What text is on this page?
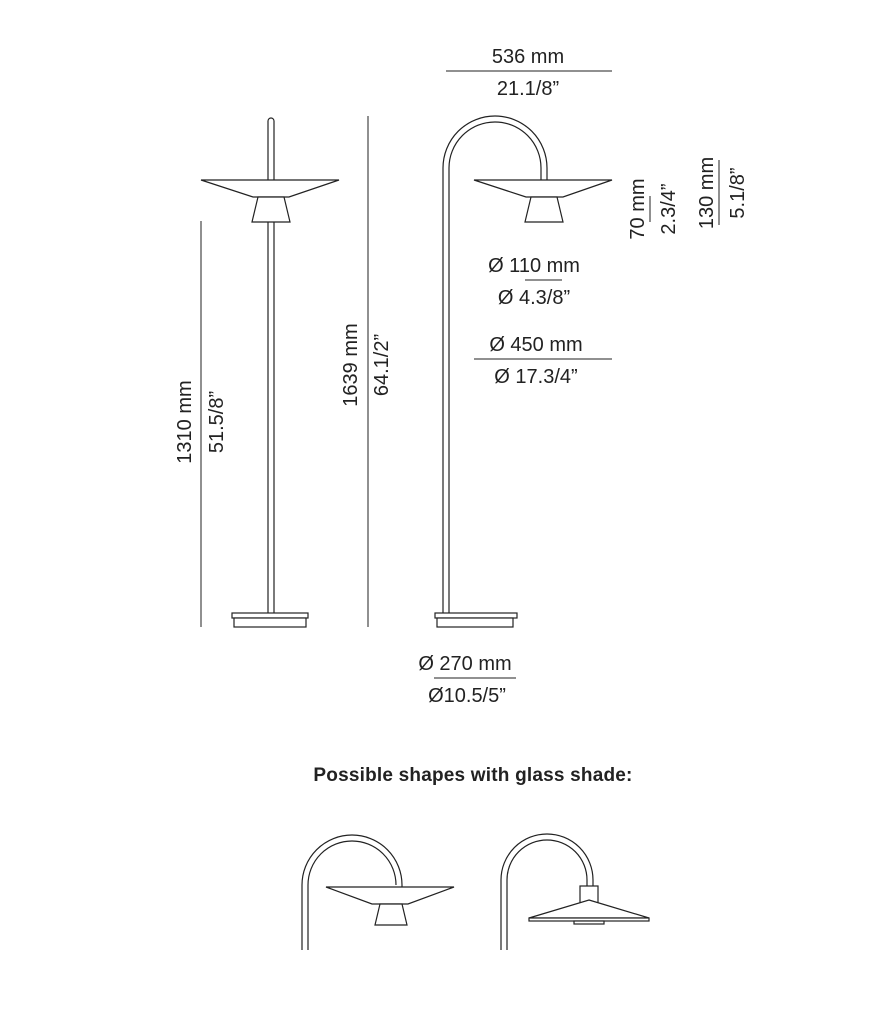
1310 mm 51.5/8”
1639 mm 64.1/2”
536 mm
21.1/8”
70 mm 2.3/4” 130 mm 5.1/8”
Ø 110 mm
Ø 4.3/8”
Ø 450 mm
Ø 17.3/4”
Ø 270 mm
Ø10.5/5”
Possible shapes with glass shade:
